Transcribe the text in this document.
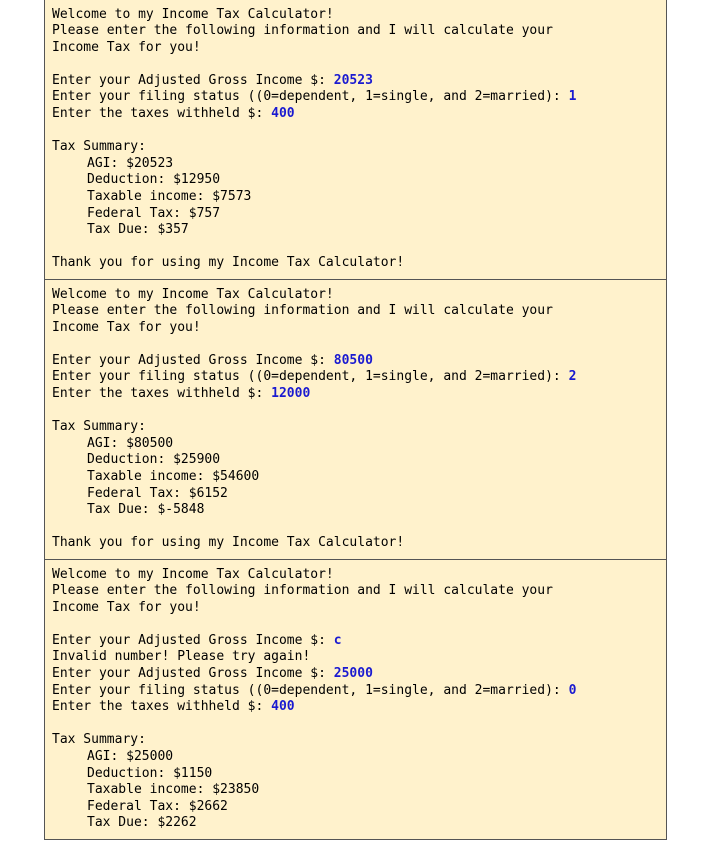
Welcome to my Income Tax Calculator!
Please enter the following information and I will calculate your
Income Tax for you!
Enter your Adjusted Gross Income $: 20523
Enter your filing status ((0=dependent, 1=single, and 2=married): 1
Enter the taxes withheld $: 400
Tax Summary:
AGI: $20523
Deduction: $12950
Taxable income: $7573
Federal Tax: $757
Tax Due: $357
Thank you for using my Income Tax Calculator!
Welcome to my Income Tax Calculator!
Please enter the following information and I will calculate your
Income Tax for you!
Enter your Adjusted Gross Income $: 80500
Enter your filing status ((0=dependent, 1=single, and 2=married): 2
Enter the taxes withheld $: 12000
Tax Summary:
AGI: $80500
Deduction: $25900
Taxable income: $54600
Federal Tax: $6152
Tax Due: $-5848
Thank you for using my Income Tax Calculator!
Welcome to my Income Tax Calculator!
Please enter the following information and I will calculate your
Income Tax for you!
Enter your Adjusted Gross Income $: c
Invalid number! Please try again!
Enter your Adjusted Gross Income $: 25000
Enter your filing status ((0=dependent, 1=single, and 2=married): 0
Enter the taxes withheld $: 400
Tax Summary:
AGI: $25000
Deduction: $1150
Taxable income: $23850
Federal Tax: $2662
Tax Due: $2262
